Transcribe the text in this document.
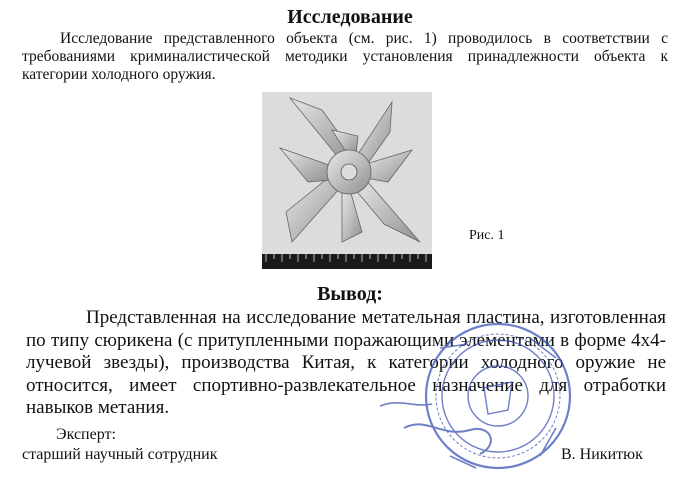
Исследование

Исследование представленного объекта (см. рис. 1) проводилось в соответствии с требованиями криминалистической методики установления принадлежности объекта к категории холодного оружия.

Рис. 1
Вывод:

Представленная на исследование метательная пластина, изготовленная по типу сюрикена (с притупленными поражающими элементами в форме 4х4-лучевой звезды), производства Китая, к категории холодного оружие не относится, имеет спортивно-развлекательное назначение для отработки навыков метания.

Эксперт:
старший научный сотрудник	В. Никитюк
